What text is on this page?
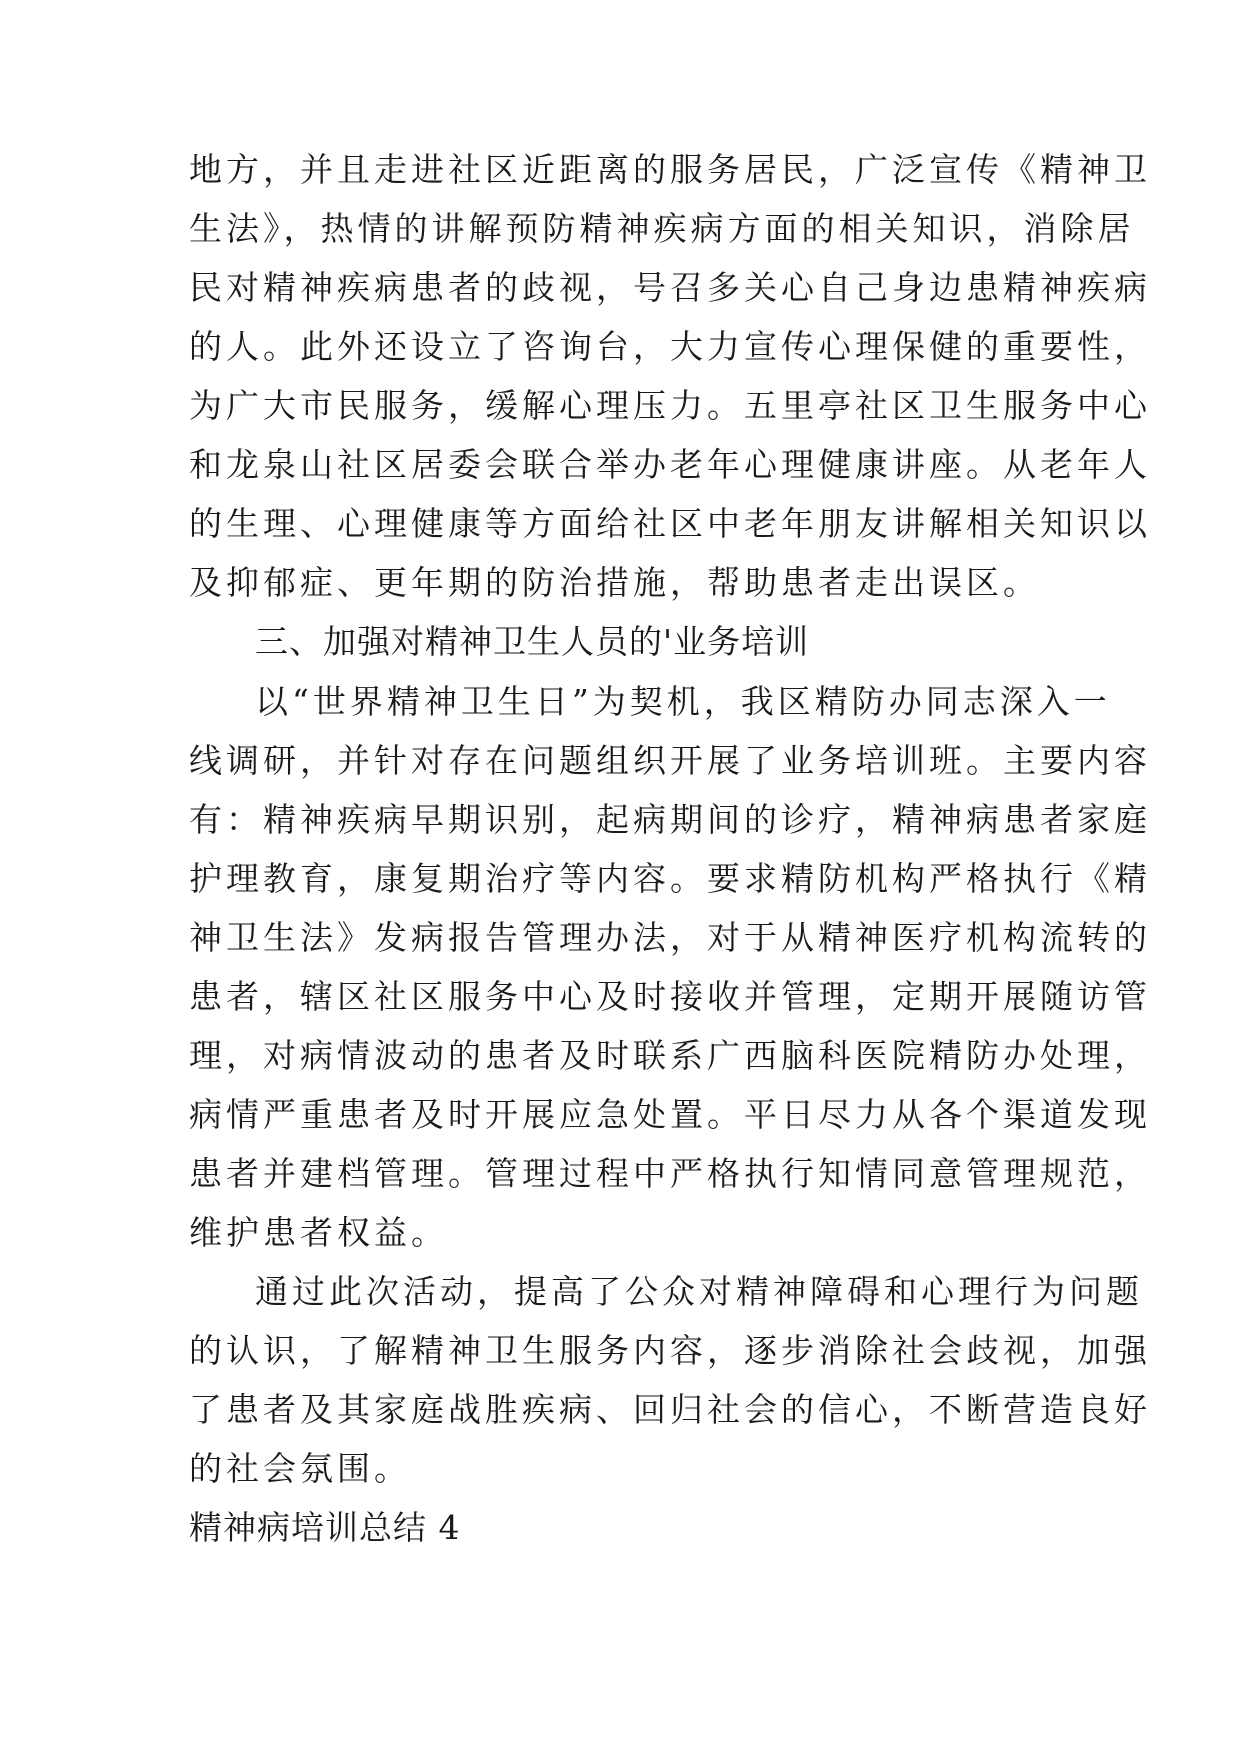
地方，并且走进社区近距离的服务居民，广泛宣传《精神卫
生法》，热情的讲解预防精神疾病方面的相关知识，消除居
民对精神疾病患者的歧视，号召多关心自己身边患精神疾病
的人。此外还设立了咨询台，大力宣传心理保健的重要性，
为广大市民服务，缓解心理压力。五里亭社区卫生服务中心
和龙泉山社区居委会联合举办老年心理健康讲座。从老年人
的生理、心理健康等方面给社区中老年朋友讲解相关知识以
及抑郁症、更年期的防治措施，帮助患者走出误区。
三、加强对精神卫生人员的'业务培训
以“世界精神卫生日”为契机，我区精防办同志深入一
线调研，并针对存在问题组织开展了业务培训班。主要内容
有：精神疾病早期识别，起病期间的诊疗，精神病患者家庭
护理教育，康复期治疗等内容。要求精防机构严格执行《精
神卫生法》发病报告管理办法，对于从精神医疗机构流转的
患者，辖区社区服务中心及时接收并管理，定期开展随访管
理，对病情波动的患者及时联系广西脑科医院精防办处理，
病情严重患者及时开展应急处置。平日尽力从各个渠道发现
患者并建档管理。管理过程中严格执行知情同意管理规范，
维护患者权益。
通过此次活动，提高了公众对精神障碍和心理行为问题
的认识，了解精神卫生服务内容，逐步消除社会歧视，加强
了患者及其家庭战胜疾病、回归社会的信心，不断营造良好
的社会氛围。
精神病培训总结 4
